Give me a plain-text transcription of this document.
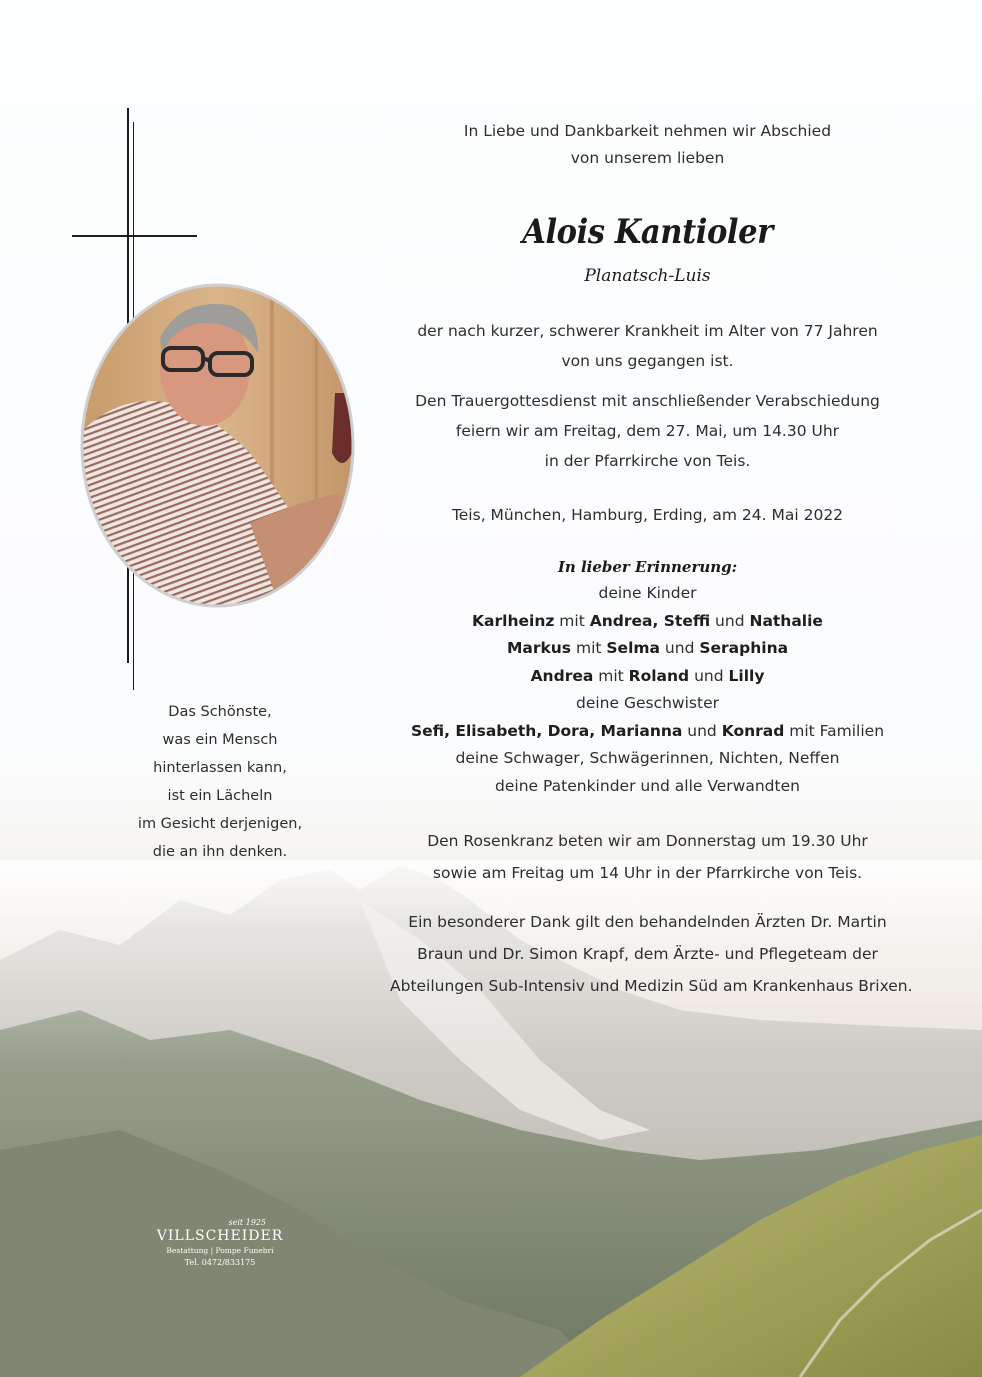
Das Schönste,
was ein Mensch
hinterlassen kann,
ist ein Lächeln
im Gesicht derjenigen,
die an ihn denken.
In Liebe und Dankbarkeit nehmen wir Abschied
von unserem lieben
Alois Kantioler
Planatsch-Luis
der nach kurzer, schwerer Krankheit im Alter von 77 Jahren
von uns gegangen ist.
Den Trauergottesdienst mit anschließender Verabschiedung
feiern wir am Freitag, dem 27. Mai, um 14.30 Uhr
in der Pfarrkirche von Teis.
Teis, München, Hamburg, Erding, am 24. Mai 2022
In lieber Erinnerung:
deine Kinder
Karlheinz mit Andrea, Steffi und Nathalie
Markus mit Selma und Seraphina
Andrea mit Roland und Lilly
deine Geschwister
Sefi, Elisabeth, Dora, Marianna und Konrad mit Familien
deine Schwager, Schwägerinnen, Nichten, Neffen
deine Patenkinder und alle Verwandten
Den Rosenkranz beten wir am Donnerstag um 19.30 Uhr
sowie am Freitag um 14 Uhr in der Pfarrkirche von Teis.
Ein besonderer Dank gilt den behandelnden Ärzten Dr. Martin
Braun und Dr. Simon Krapf, dem Ärzte- und Pflegeteam der
Abteilungen Sub-Intensiv und Medizin Süd am Krankenhaus Brixen.
seit 1925
VILLSCHEIDER
Bestattung | Pompe Funebri
Tel. 0472/833175
